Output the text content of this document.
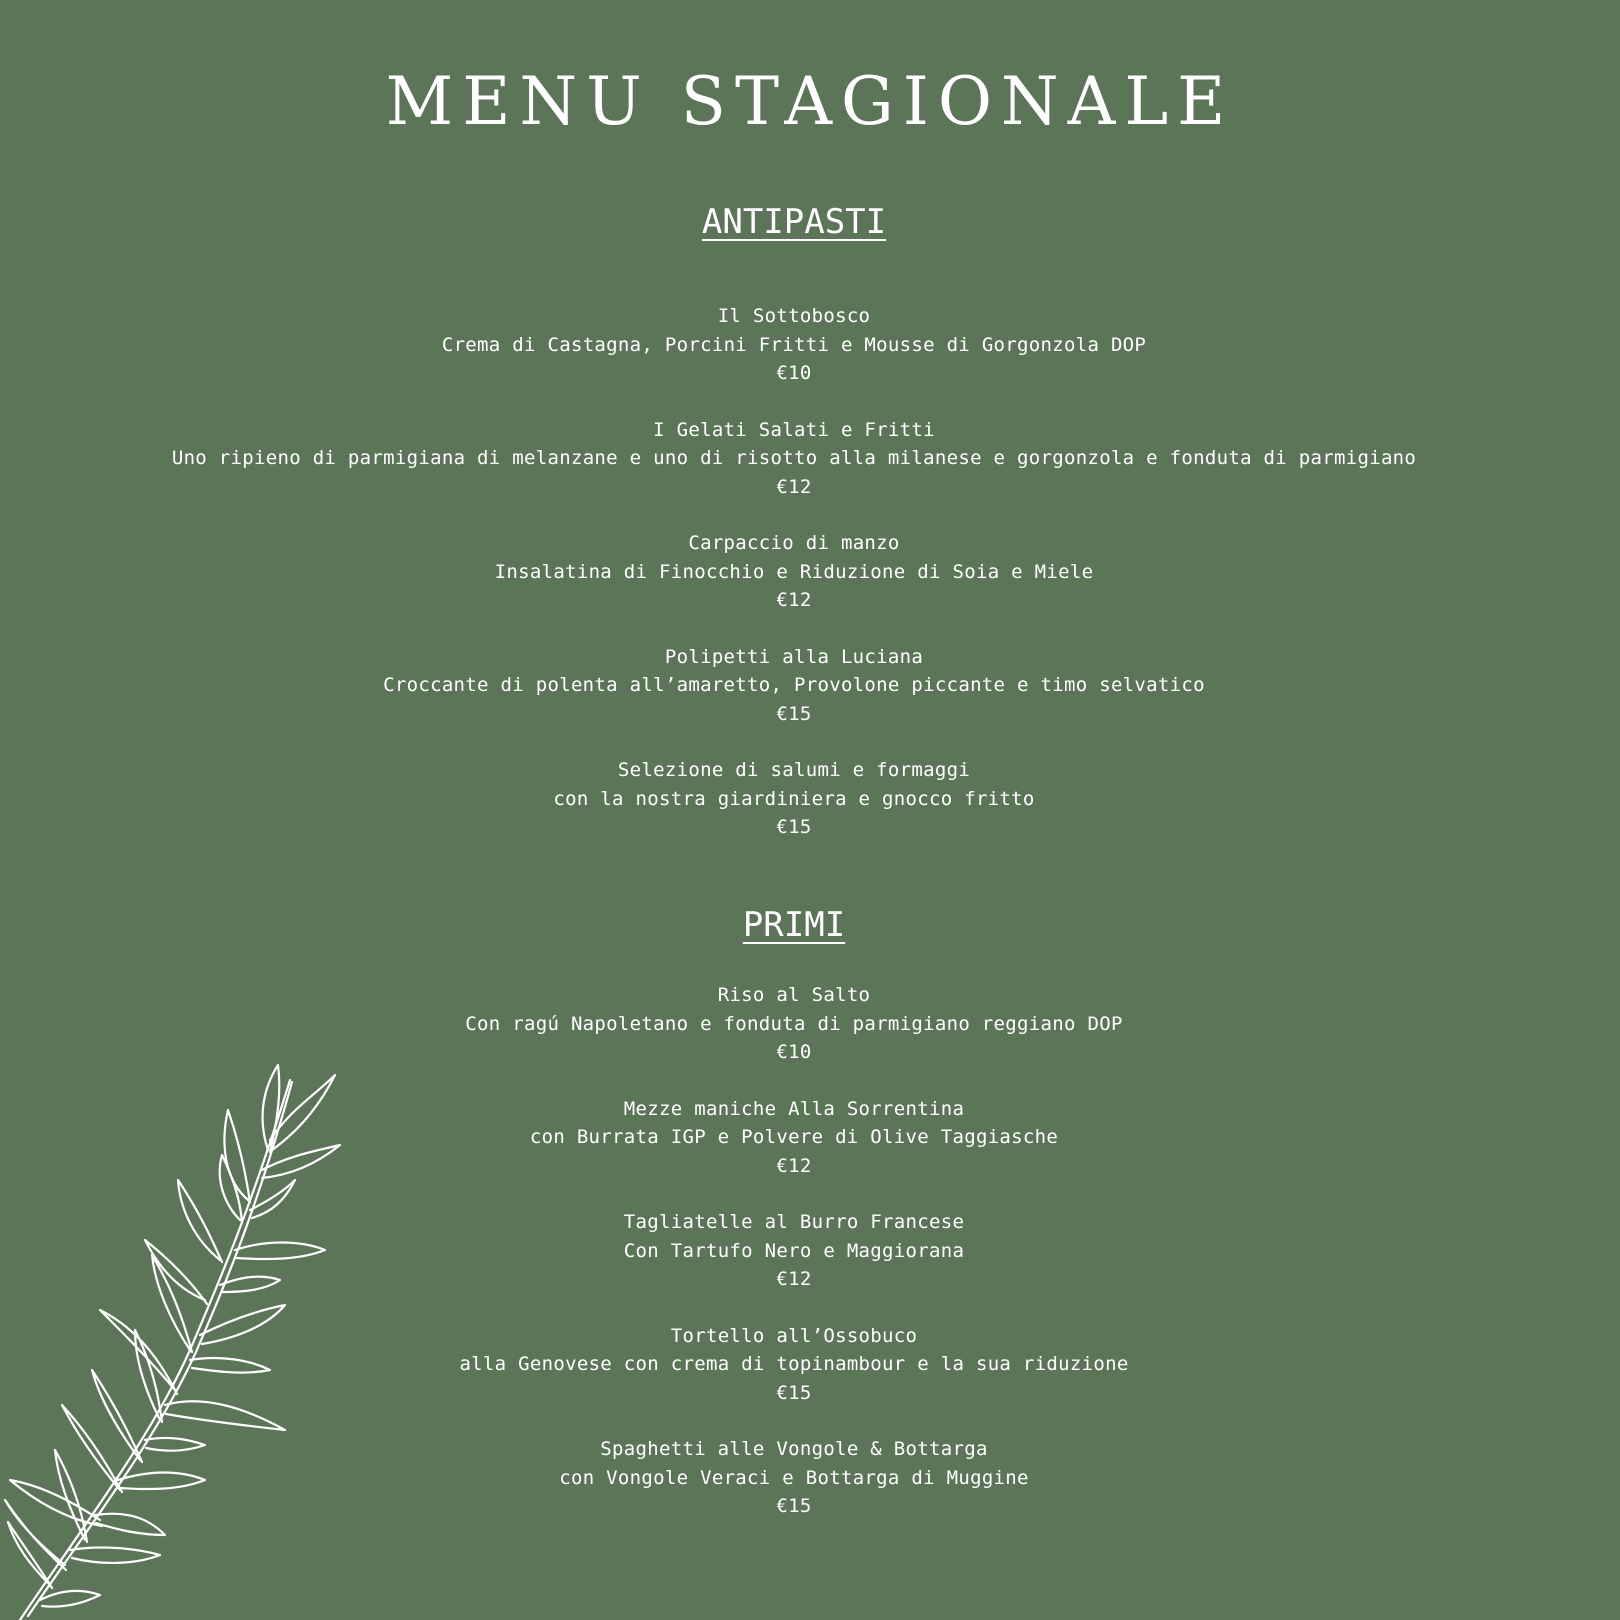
MENU STAGIONALE
ANTIPASTI
Il Sottobosco
Crema di Castagna, Porcini Fritti e Mousse di Gorgonzola DOP
€10
I Gelati Salati e Fritti
Uno ripieno di parmigiana di melanzane e uno di risotto alla milanese e gorgonzola e fonduta di parmigiano
€12
Carpaccio di manzo
Insalatina di Finocchio e Riduzione di Soia e Miele
€12
Polipetti alla Luciana
Croccante di polenta all’amaretto, Provolone piccante e timo selvatico
€15
Selezione di salumi e formaggi
con la nostra giardiniera e gnocco fritto
€15
PRIMI
Riso al Salto
Con ragú Napoletano e fonduta di parmigiano reggiano DOP
€10
Mezze maniche Alla Sorrentina
con Burrata IGP e Polvere di Olive Taggiasche
€12
Tagliatelle al Burro Francese
Con Tartufo Nero e Maggiorana
€12
Tortello all’Ossobuco
alla Genovese con crema di topinambour e la sua riduzione
€15
Spaghetti alle Vongole & Bottarga
con Vongole Veraci e Bottarga di Muggine
€15
